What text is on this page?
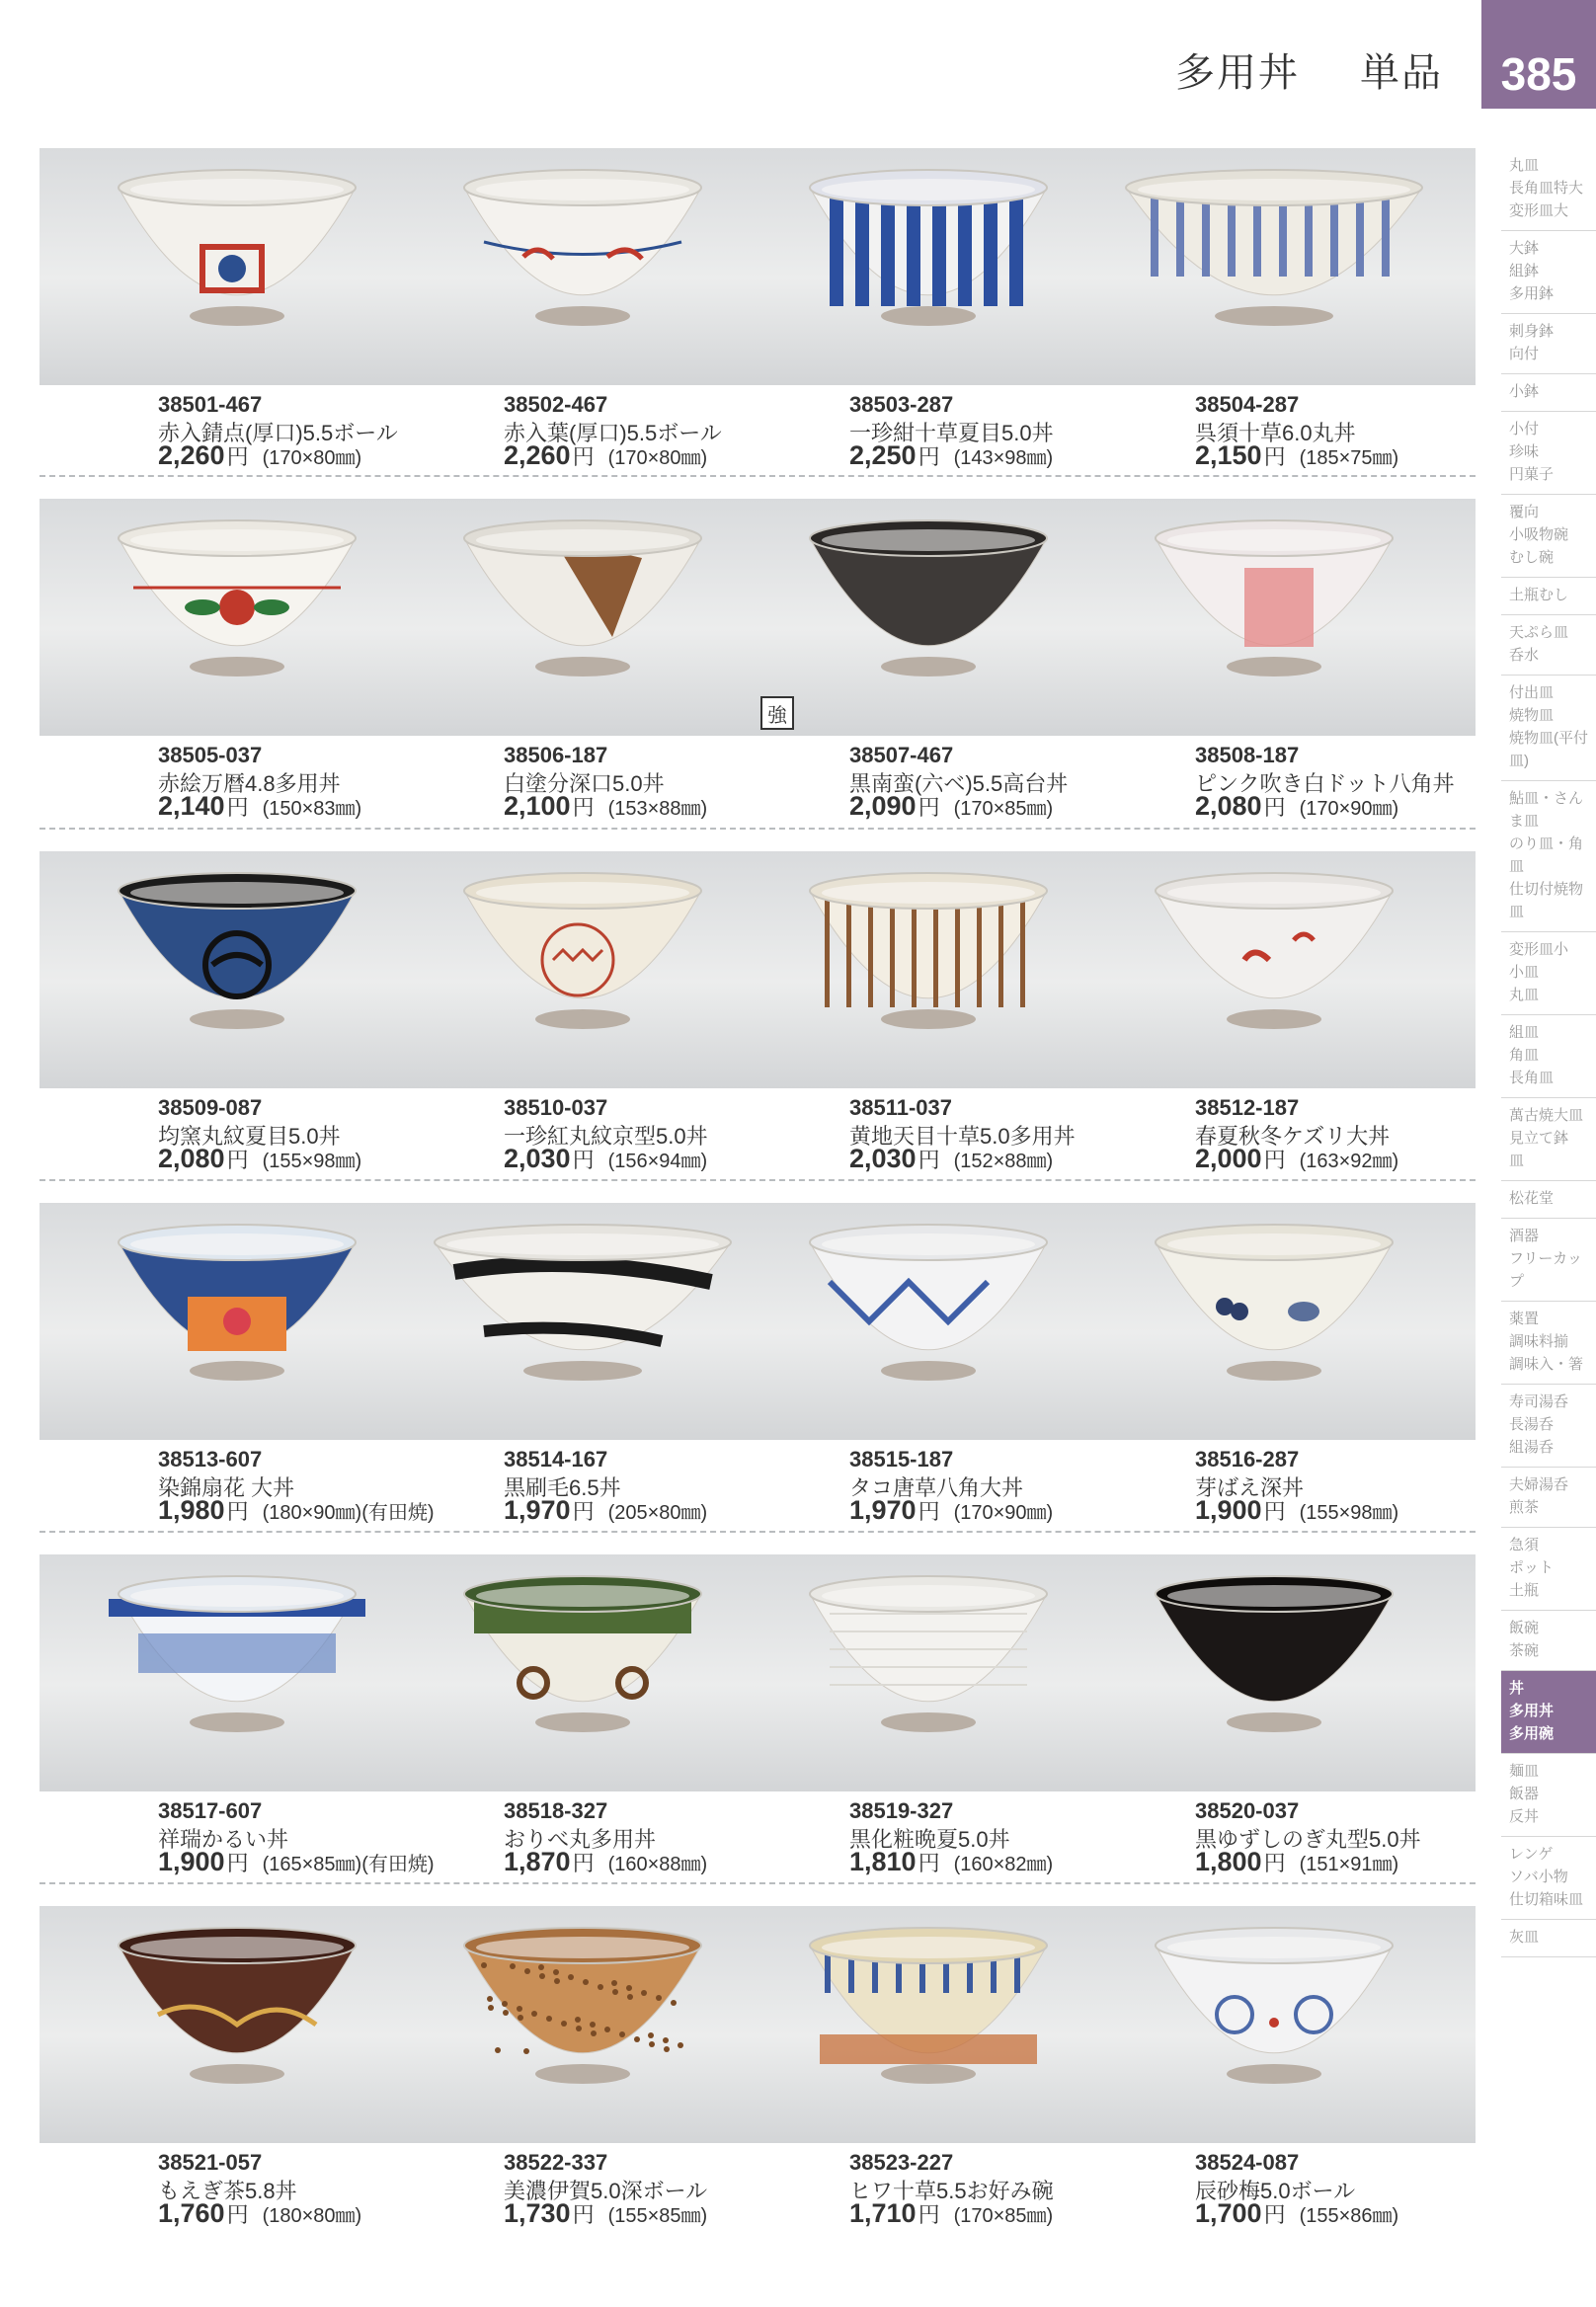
多用丼 単品	385
38501-467
赤入錆点(厚口)5.5ボール
2,260円 (170×80㎜)
38502-467
赤入葉(厚口)5.5ボール
2,260円 (170×80㎜)
38503-287
一珍紺十草夏目5.0丼
2,250円 (143×98㎜)
38504-287
呉須十草6.0丸丼
2,150円 (185×75㎜)
38505-037
赤絵万暦4.8多用丼
2,140円 (150×83㎜)
38506-187
白塗分深口5.0丼
2,100円 (153×88㎜)
38507-467
黒南蛮(六ベ)5.5高台丼
2,090円 (170×85㎜)
強
38508-187
ピンク吹き白ドット八角丼
2,080円 (170×90㎜)
38509-087
均窯丸紋夏目5.0丼
2,080円 (155×98㎜)
38510-037
一珍紅丸紋京型5.0丼
2,030円 (156×94㎜)
38511-037
黄地天目十草5.0多用丼
2,030円 (152×88㎜)
38512-187
春夏秋冬ケズリ大丼
2,000円 (163×92㎜)
38513-607
染錦扇花 大丼
1,980円 (180×90㎜)(有田焼)
38514-167
黒刷毛6.5丼
1,970円 (205×80㎜)
38515-187
タコ唐草八角大丼
1,970円 (170×90㎜)
38516-287
芽ばえ深丼
1,900円 (155×98㎜)
38517-607
祥瑞かるい丼
1,900円 (165×85㎜)(有田焼)
38518-327
おりべ丸多用丼
1,870円 (160×88㎜)
38519-327
黒化粧晩夏5.0丼
1,810円 (160×82㎜)
38520-037
黒ゆずしのぎ丸型5.0丼
1,800円 (151×91㎜)
38521-057
もえぎ茶5.8丼
1,760円 (180×80㎜)
38522-337
美濃伊賀5.0深ボール
1,730円 (155×85㎜)
38523-227
ヒワ十草5.5お好み碗
1,710円 (170×85㎜)
38524-087
辰砂梅5.0ボール
1,700円 (155×86㎜)
丸皿
長角皿特大
変形皿大
大鉢
組鉢
多用鉢
刺身鉢
向付
小鉢
小付
珍味
円菓子
覆向
小吸物碗
むし碗
土瓶むし
天ぷら皿
呑水
付出皿
焼物皿
焼物皿(平付皿)
鮎皿・さんま皿
のり皿・角皿
仕切付焼物皿
変形皿小
小皿
丸皿
組皿
角皿
長角皿
萬古焼大皿
見立て鉢
皿
松花堂
酒器
フリーカップ
薬置
調味料揃
調味入・箸
寿司湯呑
長湯呑
組湯呑
夫婦湯呑
煎茶
急須
ポット
土瓶
飯碗
茶碗
丼
多用丼
多用碗
麺皿
飯器
反丼
レンゲ
ソバ小物
仕切箱味皿
灰皿
